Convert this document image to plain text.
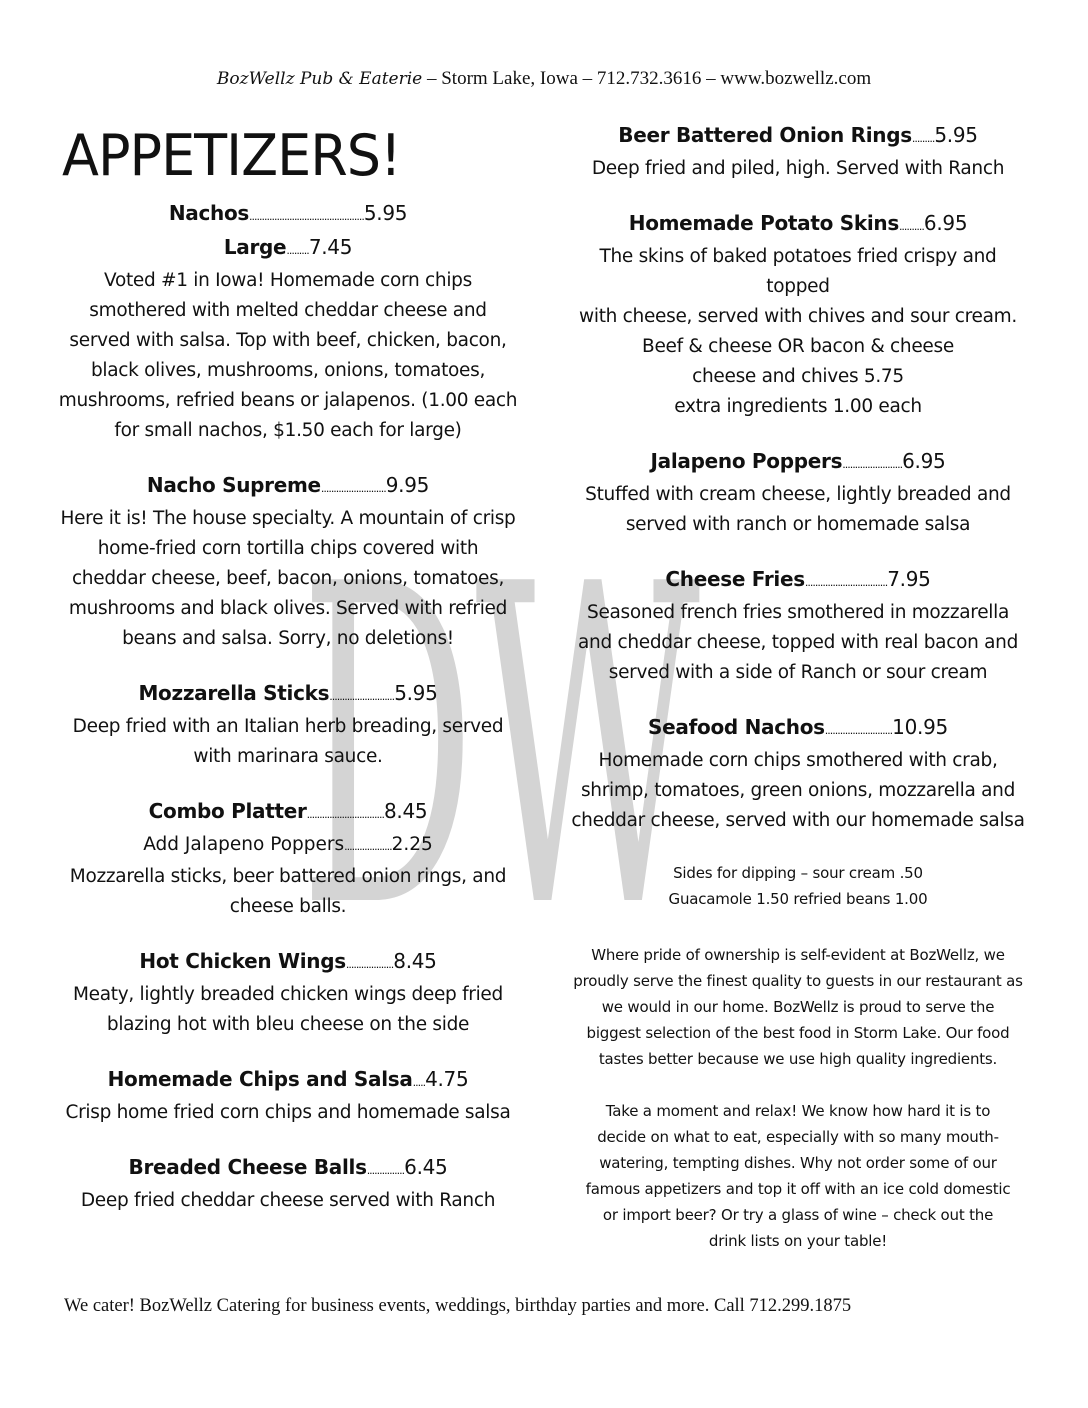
DW
BozWellz Pub & Eaterie – Storm Lake, Iowa – 712.732.3616 – www.bozwellz.com
APPETIZERS!
Nachos..............................................5.95
Large.........7.45
Voted #1 in Iowa! Homemade corn chips
smothered with melted cheddar cheese and
served with salsa. Top with beef, chicken, bacon,
black olives, mushrooms, onions, tomatoes,
mushrooms, refried beans or jalapenos. (1.00 each
for small nachos, $1.50 each for large)
Nacho Supreme..........................9.95
Here it is! The house specialty. A mountain of crisp
home-fried corn tortilla chips covered with
cheddar cheese, beef, bacon, onions, tomatoes,
mushrooms and black olives. Served with refried
beans and salsa. Sorry, no deletions!
Mozzarella Sticks..........................5.95
Deep fried with an Italian herb breading, served
with marinara sauce.
Combo Platter...............................8.45
Add Jalapeno Poppers...................2.25
Mozzarella sticks, beer battered onion rings, and
cheese balls.
Hot Chicken Wings...................8.45
Meaty, lightly breaded chicken wings deep fried
blazing hot with bleu cheese on the side
Homemade Chips and Salsa.....4.75
Crisp home fried corn chips and homemade salsa
Breaded Cheese Balls...............6.45
Deep fried cheddar cheese served with Ranch
Beer Battered Onion Rings.........5.95
Deep fried and piled, high. Served with Ranch
Homemade Potato Skins..........6.95
The skins of baked potatoes fried crispy and topped
with cheese, served with chives and sour cream.
Beef & cheese OR bacon & cheese
cheese and chives 5.75
extra ingredients 1.00 each
Jalapeno Poppers........................6.95
Stuffed with cream cheese, lightly breaded and
served with ranch or homemade salsa
Cheese Fries.................................7.95
Seasoned french fries smothered in mozzarella
and cheddar cheese, topped with real bacon and
served with a side of Ranch or sour cream
Seafood Nachos...........................10.95
Homemade corn chips smothered with crab,
shrimp, tomatoes, green onions, mozzarella and
cheddar cheese, served with our homemade salsa
Sides for dipping – sour cream .50
Guacamole 1.50 refried beans 1.00
Where pride of ownership is self-evident at BozWellz, we
proudly serve the finest quality to guests in our restaurant as
we would in our home. BozWellz is proud to serve the
biggest selection of the best food in Storm Lake. Our food
tastes better because we use high quality ingredients.
Take a moment and relax! We know how hard it is to
decide on what to eat, especially with so many mouth-
watering, tempting dishes. Why not order some of our
famous appetizers and top it off with an ice cold domestic
or import beer? Or try a glass of wine – check out the
drink lists on your table!
We cater! BozWellz Catering for business events, weddings, birthday parties and more. Call 712.299.1875
